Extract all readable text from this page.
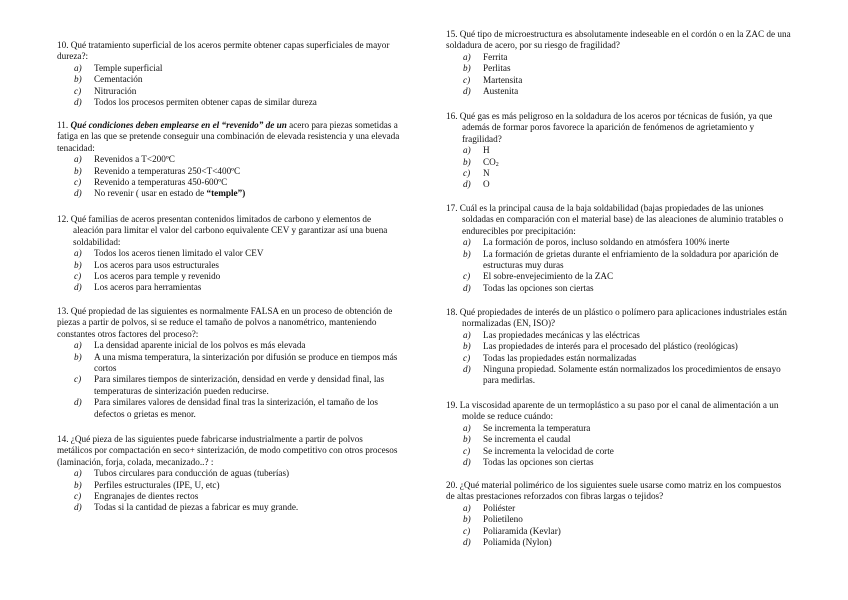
10. Qué tratamiento superficial de los aceros permite obtener capas superficiales de mayor dureza?:

a) Temple superficial
b) Cementación
c) Nitruración
d) Todos los procesos permiten obtener capas de similar dureza

11. Qué condiciones deben emplearse en el “revenido” de un acero para piezas sometidas a fatiga en las que se pretende conseguir una combinación de elevada resistencia y una elevada tenacidad:

a) Revenidos a T<200ºC
b) Revenido a temperaturas 250<T<400ºC
c) Revenido a temperaturas 450-600ºC
d) No revenir ( usar en estado de “temple”)

12. Qué familias de aceros presentan contenidos limitados de carbono y elementos de aleación para limitar el valor del carbono equivalente CEV y garantizar así una buena soldabilidad:

a) Todos los aceros tienen limitado el valor CEV
b) Los aceros para usos estructurales
c) Los aceros para temple y revenido
d) Los aceros para herramientas

13. Qué propiedad de las siguientes es normalmente FALSA en un proceso de obtención de piezas a partir de polvos, si se reduce el tamaño de polvos a nanométrico, manteniendo constantes otros factores del proceso?:

a) La densidad aparente inicial de los polvos es más elevada
b) A una misma temperatura, la sinterización por difusión se produce en tiempos más cortos
c) Para similares tiempos de sinterización, densidad en verde y densidad final, las temperaturas de sinterización pueden reducirse.
d) Para similares valores de densidad final tras la sinterización, el tamaño de los defectos o grietas es menor.

14. ¿Qué pieza de las siguientes puede fabricarse industrialmente a partir de polvos metálicos por compactación en seco+ sinterización, de modo competitivo con otros procesos (laminación, forja, colada, mecanizado..? :

a) Tubos circulares para conducción de aguas (tuberías)
b) Perfiles estructurales (IPE, U, etc)
c) Engranajes de dientes rectos
d) Todas si la cantidad de piezas a fabricar es muy grande.

15. Qué tipo de microestructura es absolutamente indeseable en el cordón o en la ZAC de una soldadura de acero, por su riesgo de fragilidad?

a) Ferrita
b) Perlitas
c) Martensita
d) Austenita

16. Qué gas es más peligroso en la soldadura de los aceros por técnicas de fusión, ya que además de formar poros favorece la aparición de fenómenos de agrietamiento y fragilidad?

a) H
b) $CO_2$
c) N
d) O

17. Cuál es la principal causa de la baja soldabilidad (bajas propiedades de las uniones soldadas en comparación con el material base) de las aleaciones de aluminio tratables o endurecibles por precipitación:

a) La formación de poros, incluso soldando en atmósfera 100% inerte
b) La formación de grietas durante el enfriamiento de la soldadura por aparición de estructuras muy duras
c) El sobre-envejecimiento de la ZAC
d) Todas las opciones son ciertas

18. Qué propiedades de interés de un plástico o polímero para aplicaciones industriales están normalizadas (EN, ISO)?

a) Las propiedades mecánicas y las eléctricas
b) Las propiedades de interés para el procesado del plástico (reológicas)
c) Todas las propiedades están normalizadas
d) Ninguna propiedad. Solamente están normalizados los procedimientos de ensayo para medirlas.

19. La viscosidad aparente de un termoplástico a su paso por el canal de alimentación a un molde se reduce cuándo:

a) Se incrementa la temperatura
b) Se incrementa el caudal
c) Se incrementa la velocidad de corte
d) Todas las opciones son ciertas

20. ¿Qué material polimérico de los siguientes suele usarse como matriz en los compuestos de altas prestaciones reforzados con fibras largas o tejidos?

a) Poliéster
b) Polietileno
c) Poliaramida (Kevlar)
d) Poliamida (Nylon)
